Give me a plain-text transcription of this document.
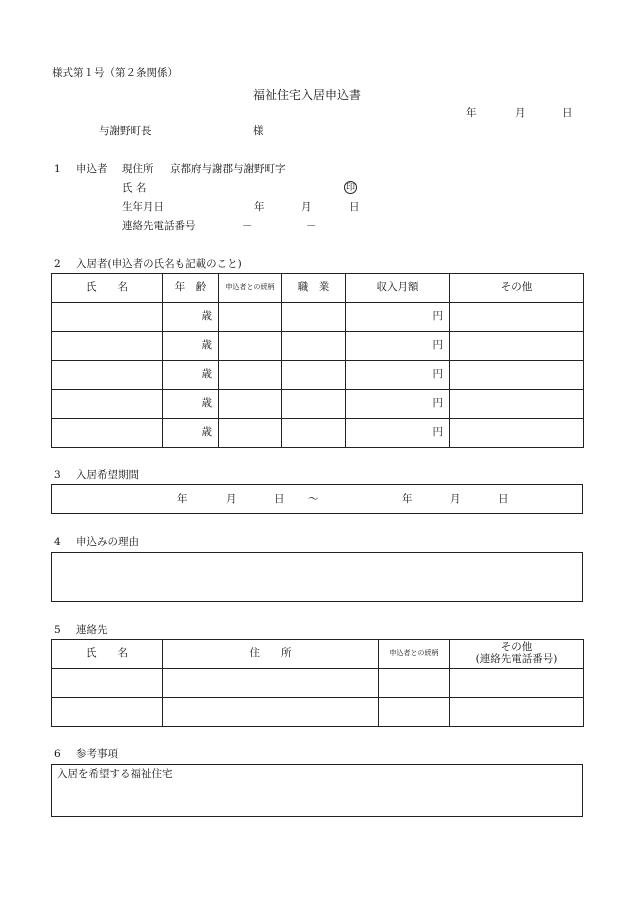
様式第１号（第２条関係）
福祉住宅入居申込書
年	月	日
与謝野町長	様
1 申込者 現住所 京都府与謝郡与謝野町字
氏 名	印
生年月日	年	月	日
連絡先電話番号	－	－
2 入居者(申込者の氏名も記載のこと)
氏　　名	年　齢	申込者との続柄	職　業	収入月額	その他
	歳			円	
	歳			円	
	歳			円	
	歳			円	
	歳			円	
3 入居希望期間
年	月	日 ～	年	月	日
4 申込みの理由
5 連絡先
氏　　名	住　　所	申込者との続柄	その他
(連絡先電話番号)

6 参考事項
入居を希望する福祉住宅
